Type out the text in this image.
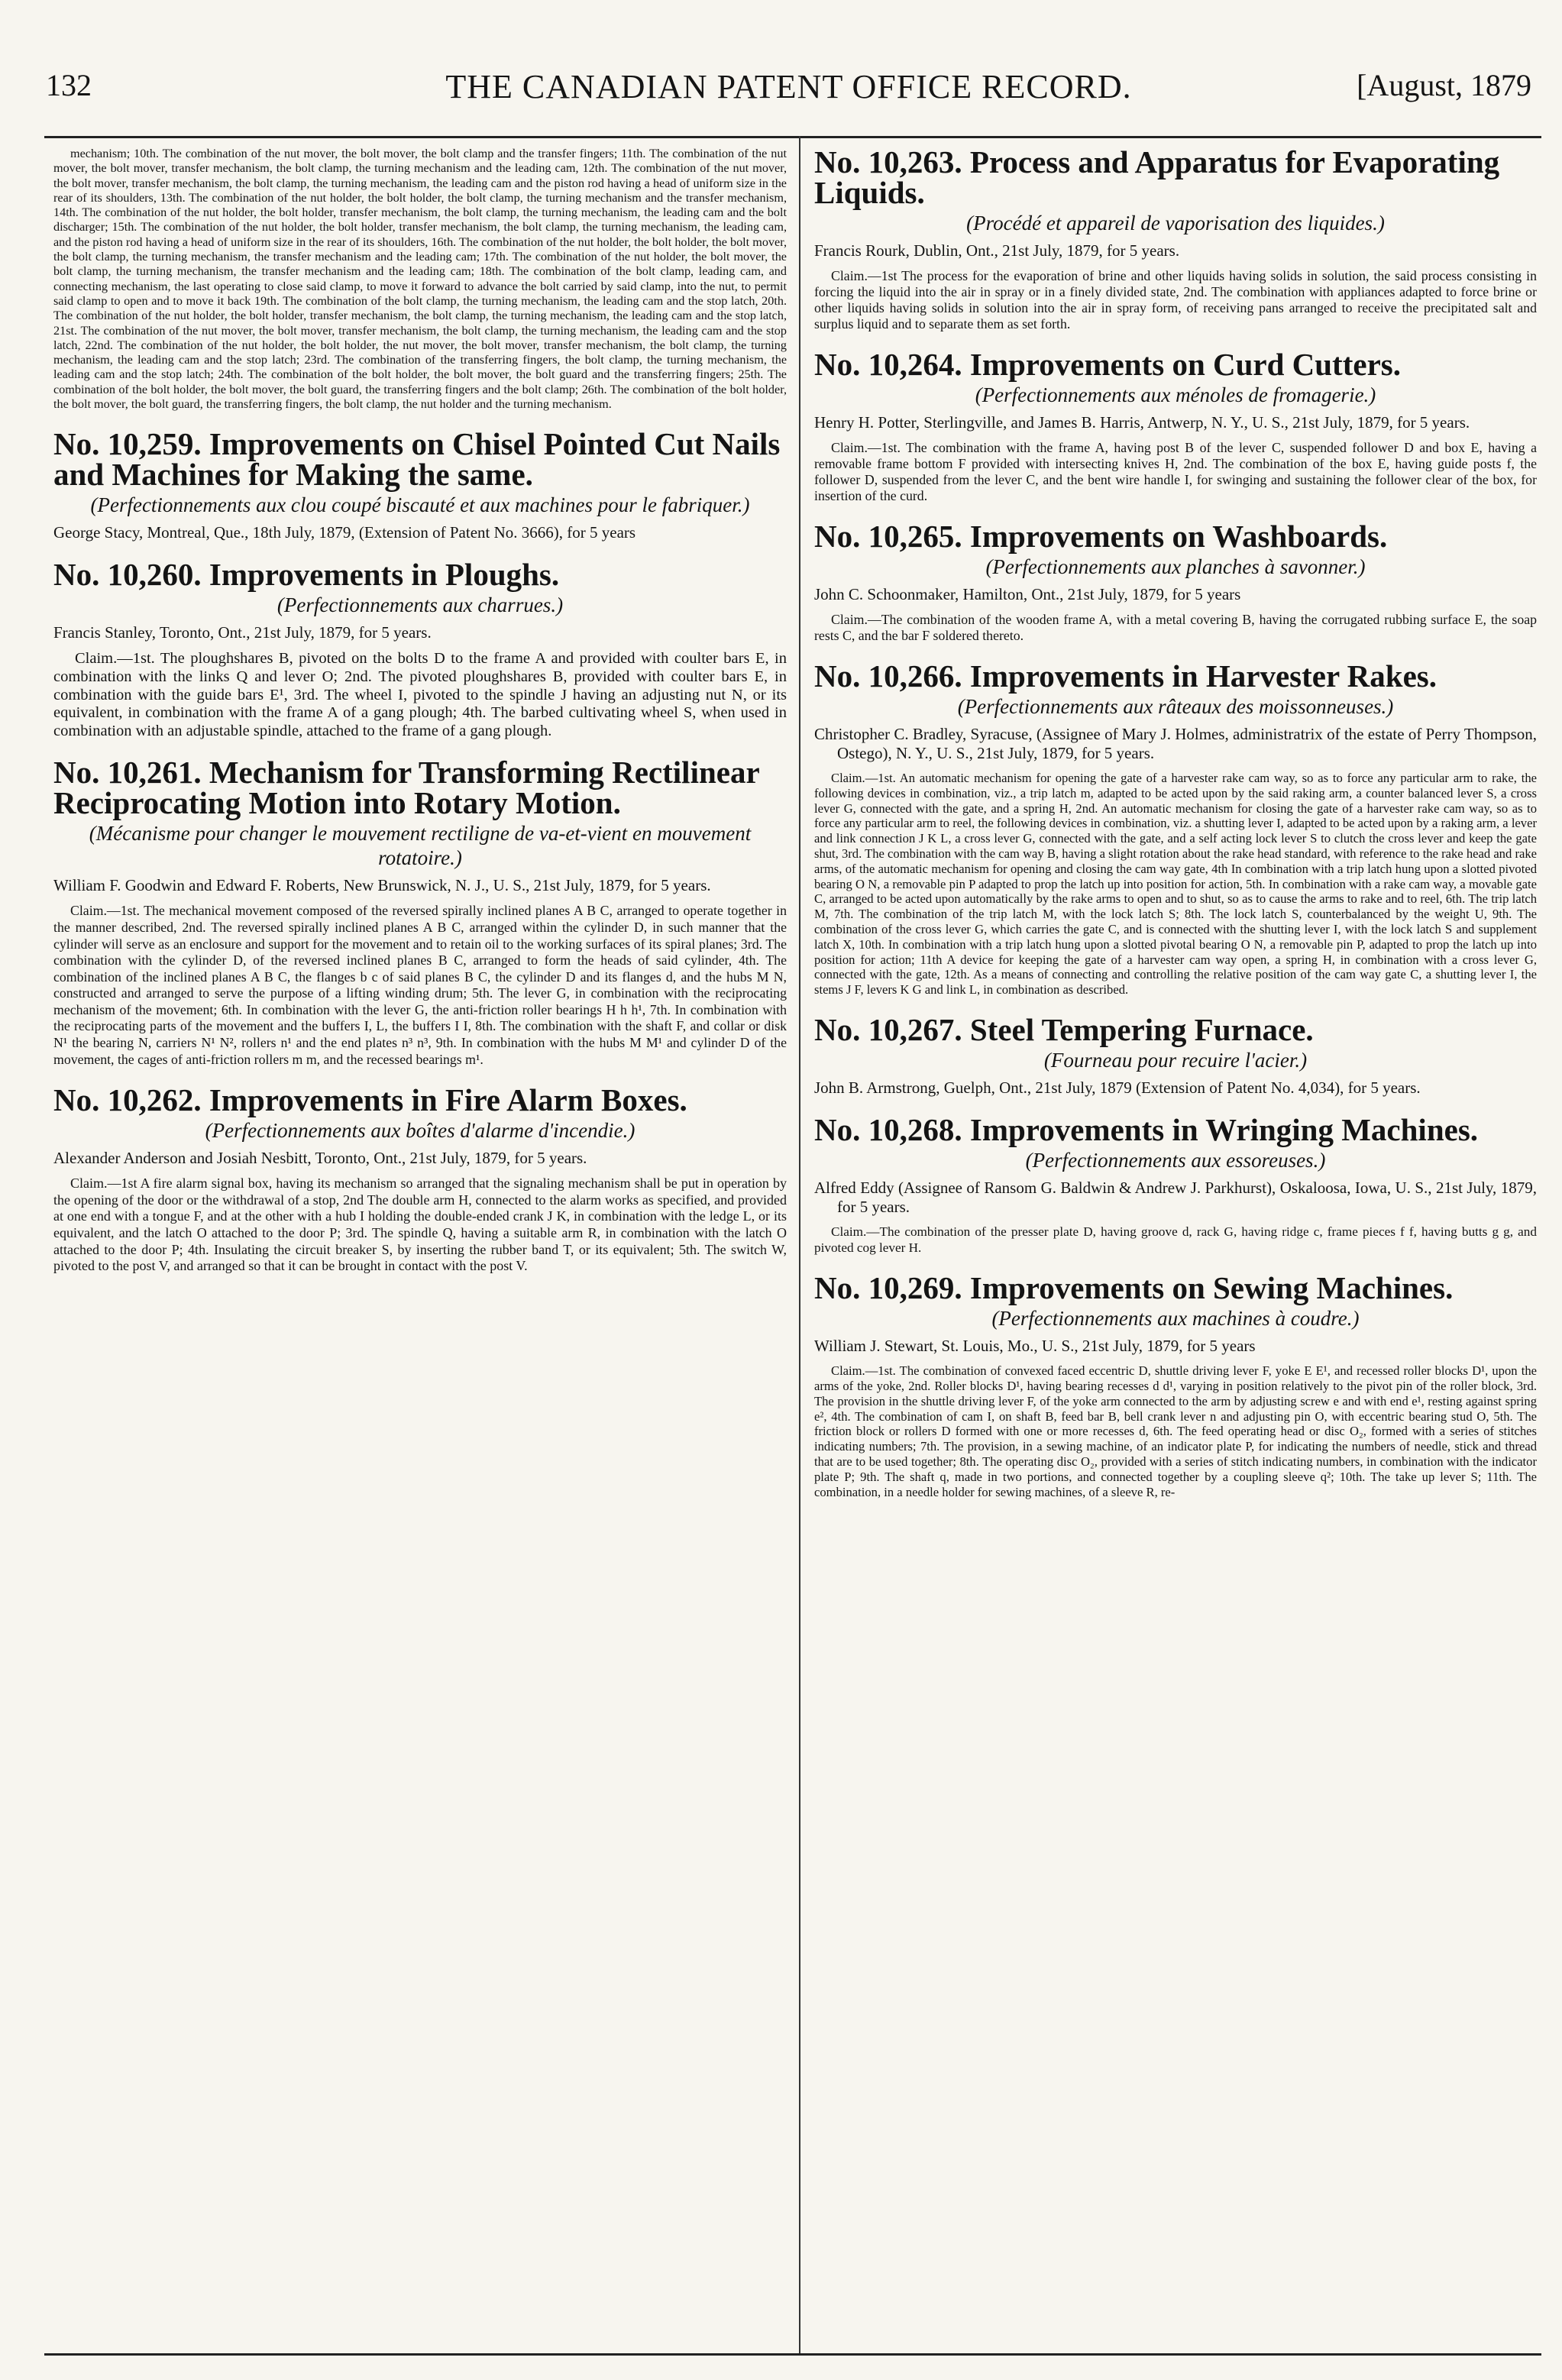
132	THE CANADIAN PATENT OFFICE RECORD.	[August, 1879

mechanism; 10th. The combination of the nut mover, the bolt mover, the bolt clamp and the transfer fingers; 11th. The combination of the nut mover, the bolt mover, transfer mechanism, the bolt clamp, the turning mechanism and the leading cam, 12th. The combination of the nut mover, the bolt mover, transfer mechanism, the bolt clamp, the turning mechanism, the leading cam and the piston rod having a head of uniform size in the rear of its shoulders, 13th. The combination of the nut holder, the bolt holder, the bolt clamp, the turning mechanism and the transfer mechanism, 14th. The combination of the nut holder, the bolt holder, transfer mechanism, the bolt clamp, the turning mechanism, the leading cam and the bolt discharger; 15th. The combination of the nut holder, the bolt holder, transfer mechanism, the bolt clamp, the turning mechanism, the leading cam, and the piston rod having a head of uniform size in the rear of its shoulders, 16th. The combination of the nut holder, the bolt holder, the bolt mover, the bolt clamp, the turning mechanism, the transfer mechanism and the leading cam; 17th. The combination of the nut holder, the bolt mover, the bolt clamp, the turning mechanism, the transfer mechanism and the leading cam; 18th. The combination of the bolt clamp, leading cam, and connecting mechanism, the last operating to close said clamp, to move it forward to advance the bolt carried by said clamp, into the nut, to permit said clamp to open and to move it back 19th. The combination of the bolt clamp, the turning mechanism, the leading cam and the stop latch, 20th. The combination of the nut holder, the bolt holder, transfer mechanism, the bolt clamp, the turning mechanism, the leading cam and the stop latch, 21st. The combination of the nut mover, the bolt mover, transfer mechanism, the bolt clamp, the turning mechanism, the leading cam and the stop latch, 22nd. The combination of the nut holder, the bolt holder, the nut mover, the bolt mover, transfer mechanism, the bolt clamp, the turning mechanism, the leading cam and the stop latch; 23rd. The combination of the transferring fingers, the bolt clamp, the turning mechanism, the leading cam and the stop latch; 24th. The combination of the bolt holder, the bolt mover, the bolt guard and the transferring fingers; 25th. The combination of the bolt holder, the bolt mover, the bolt guard, the transferring fingers and the bolt clamp; 26th. The combination of the bolt holder, the bolt mover, the bolt guard, the transferring fingers, the bolt clamp, the nut holder and the turning mechanism.

No. 10,259. Improvements on Chisel Pointed Cut Nails and Machines for Making the same.
(Perfectionnements aux clou coupé biscauté et aux machines pour le fabriquer.)

George Stacy, Montreal, Que., 18th July, 1879, (Extension of Patent No. 3666), for 5 years

No. 10,260. Improvements in Ploughs.
(Perfectionnements aux charrues.)

Francis Stanley, Toronto, Ont., 21st July, 1879, for 5 years.

Claim.—1st. The ploughshares B, pivoted on the bolts D to the frame A and provided with coulter bars E, in combination with the links Q and lever O; 2nd. The pivoted ploughshares B, provided with coulter bars E, in combination with the guide bars E¹, 3rd. The wheel I, pivoted to the spindle J having an adjusting nut N, or its equivalent, in combination with the frame A of a gang plough; 4th. The barbed cultivating wheel S, when used in combination with an adjustable spindle, attached to the frame of a gang plough.

No. 10,261. Mechanism for Transforming Rectilinear Reciprocating Motion into Rotary Motion.
(Mécanisme pour changer le mouvement rectiligne de va-et-vient en mouvement rotatoire.)

William F. Goodwin and Edward F. Roberts, New Brunswick, N. J., U. S., 21st July, 1879, for 5 years.

Claim.—1st. The mechanical movement composed of the reversed spirally inclined planes A B C, arranged to operate together in the manner described, 2nd. The reversed spirally inclined planes A B C, arranged within the cylinder D, in such manner that the cylinder will serve as an enclosure and support for the movement and to retain oil to the working surfaces of its spiral planes; 3rd. The combination with the cylinder D, of the reversed inclined planes B C, arranged to form the heads of said cylinder, 4th. The combination of the inclined planes A B C, the flanges b c of said planes B C, the cylinder D and its flanges d, and the hubs M N, constructed and arranged to serve the purpose of a lifting winding drum; 5th. The lever G, in combination with the reciprocating mechanism of the movement; 6th. In combination with the lever G, the anti-friction roller bearings H h h¹, 7th. In combination with the reciprocating parts of the movement and the buffers I, L, the buffers I I, 8th. The combination with the shaft F, and collar or disk N¹ the bearing N, carriers N¹ N², rollers n¹ and the end plates n³ n³, 9th. In combination with the hubs M M¹ and cylinder D of the movement, the cages of anti-friction rollers m m, and the recessed bearings m¹.

No. 10,262. Improvements in Fire Alarm Boxes.
(Perfectionnements aux boîtes d'alarme d'incendie.)

Alexander Anderson and Josiah Nesbitt, Toronto, Ont., 21st July, 1879, for 5 years.

Claim.—1st A fire alarm signal box, having its mechanism so arranged that the signaling mechanism shall be put in operation by the opening of the door or the withdrawal of a stop, 2nd The double arm H, connected to the alarm works as specified, and provided at one end with a tongue F, and at the other with a hub I holding the double-ended crank J K, in combination with the ledge L, or its equivalent, and the latch O attached to the door P; 3rd. The spindle Q, having a suitable arm R, in combination with the latch O attached to the door P; 4th. Insulating the circuit breaker S, by inserting the rubber band T, or its equivalent; 5th. The switch W, pivoted to the post V, and arranged so that it can be brought in contact with the post V.

No. 10,263. Process and Apparatus for Evaporating Liquids.
(Procédé et appareil de vaporisation des liquides.)

Francis Rourk, Dublin, Ont., 21st July, 1879, for 5 years.

Claim.—1st The process for the evaporation of brine and other liquids having solids in solution, the said process consisting in forcing the liquid into the air in spray or in a finely divided state, 2nd. The combination with appliances adapted to force brine or other liquids having solids in solution into the air in spray form, of receiving pans arranged to receive the precipitated salt and surplus liquid and to separate them as set forth.

No. 10,264. Improvements on Curd Cutters.
(Perfectionnements aux ménoles de fromagerie.)

Henry H. Potter, Sterlingville, and James B. Harris, Antwerp, N. Y., U. S., 21st July, 1879, for 5 years.

Claim.—1st. The combination with the frame A, having post B of the lever C, suspended follower D and box E, having a removable frame bottom F provided with intersecting knives H, 2nd. The combination of the box E, having guide posts f, the follower D, suspended from the lever C, and the bent wire handle I, for swinging and sustaining the follower clear of the box, for insertion of the curd.

No. 10,265. Improvements on Washboards.
(Perfectionnements aux planches à savonner.)

John C. Schoonmaker, Hamilton, Ont., 21st July, 1879, for 5 years

Claim.—The combination of the wooden frame A, with a metal covering B, having the corrugated rubbing surface E, the soap rests C, and the bar F soldered thereto.

No. 10,266. Improvements in Harvester Rakes.
(Perfectionnements aux râteaux des moissonneuses.)

Christopher C. Bradley, Syracuse, (Assignee of Mary J. Holmes, administratrix of the estate of Perry Thompson, Ostego), N. Y., U. S., 21st July, 1879, for 5 years.

Claim.—1st. An automatic mechanism for opening the gate of a harvester rake cam way, so as to force any particular arm to rake, the following devices in combination, viz., a trip latch m, adapted to be acted upon by the said raking arm, a counter balanced lever S, a cross lever G, connected with the gate, and a spring H, 2nd. An automatic mechanism for closing the gate of a harvester rake cam way, so as to force any particular arm to reel, the following devices in combination, viz. a shutting lever I, adapted to be acted upon by a raking arm, a lever and link connection J K L, a cross lever G, connected with the gate, and a self acting lock lever S to clutch the cross lever and keep the gate shut, 3rd. The combination with the cam way B, having a slight rotation about the rake head standard, with reference to the rake head and rake arms, of the automatic mechanism for opening and closing the cam way gate, 4th In combination with a trip latch hung upon a slotted pivoted bearing O N, a removable pin P adapted to prop the latch up into position for action, 5th. In combination with a rake cam way, a movable gate C, arranged to be acted upon automatically by the rake arms to open and to shut, so as to cause the arms to rake and to reel, 6th. The trip latch M, 7th. The combination of the trip latch M, with the lock latch S; 8th. The lock latch S, counterbalanced by the weight U, 9th. The combination of the cross lever G, which carries the gate C, and is connected with the shutting lever I, with the lock latch S and supplement latch X, 10th. In combination with a trip latch hung upon a slotted pivotal bearing O N, a removable pin P, adapted to prop the latch up into position for action; 11th A device for keeping the gate of a harvester cam way open, a spring H, in combination with a cross lever G, connected with the gate, 12th. As a means of connecting and controlling the relative position of the cam way gate C, a shutting lever I, the stems J F, levers K G and link L, in combination as described.

No. 10,267. Steel Tempering Furnace.
(Fourneau pour recuire l'acier.)

John B. Armstrong, Guelph, Ont., 21st July, 1879 (Extension of Patent No. 4,034), for 5 years.

No. 10,268. Improvements in Wringing Machines.
(Perfectionnements aux essoreuses.)

Alfred Eddy (Assignee of Ransom G. Baldwin & Andrew J. Parkhurst), Oskaloosa, Iowa, U. S., 21st July, 1879, for 5 years.

Claim.—The combination of the presser plate D, having groove d, rack G, having ridge c, frame pieces f f, having butts g g, and pivoted cog lever H.

No. 10,269. Improvements on Sewing Machines.
(Perfectionnements aux machines à coudre.)

William J. Stewart, St. Louis, Mo., U. S., 21st July, 1879, for 5 years

Claim.—1st. The combination of convexed faced eccentric D, shuttle driving lever F, yoke E E¹, and recessed roller blocks D¹, upon the arms of the yoke, 2nd. Roller blocks D¹, having bearing recesses d d¹, varying in position relatively to the pivot pin of the roller block, 3rd. The provision in the shuttle driving lever F, of the yoke arm connected to the arm by adjusting screw e and with end e¹, resting against spring e², 4th. The combination of cam I, on shaft B, feed bar B, bell crank lever n and adjusting pin O, with eccentric bearing stud O, 5th. The friction block or rollers D formed with one or more recesses d, 6th. The feed operating head or disc O₂, formed with a series of stitches indicating numbers; 7th. The provision, in a sewing machine, of an indicator plate P, for indicating the numbers of needle, stick and thread that are to be used together; 8th. The operating disc O₂, provided with a series of stitch indicating numbers, in combination with the indicator plate P; 9th. The shaft q, made in two portions, and connected together by a coupling sleeve q²; 10th. The take up lever S; 11th. The combination, in a needle holder for sewing machines, of a sleeve R, re-
